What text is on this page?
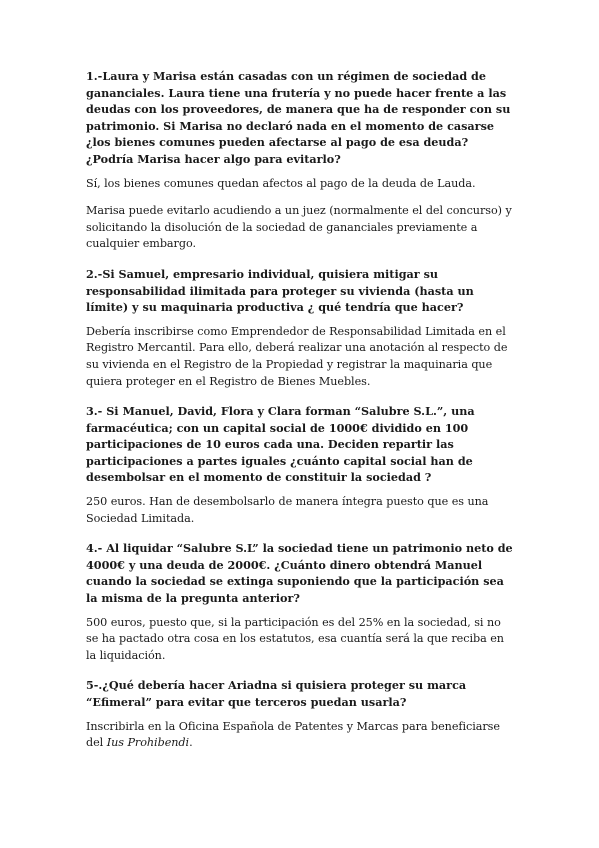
1.-Laura y Marisa están casadas con un régimen de sociedad de gananciales. Laura tiene una frutería y no puede hacer frente a las deudas con los proveedores, de manera que ha de responder con su patrimonio. Si Marisa no declaró nada en el momento de casarse ¿los bienes comunes pueden afectarse al pago de esa deuda? ¿Podría Marisa hacer algo para evitarlo?

Sí, los bienes comunes quedan afectos al pago de la deuda de Lauda.

Marisa puede evitarlo acudiendo a un juez (normalmente el del concurso) y solicitando la disolución de la sociedad de gananciales previamente a cualquier embargo.

2.-Si Samuel, empresario individual, quisiera mitigar su responsabilidad ilimitada para proteger su vivienda (hasta un límite) y su maquinaria productiva ¿ qué tendría que hacer?

Debería inscribirse como Emprendedor de Responsabilidad Limitada en el Registro Mercantil. Para ello, deberá realizar una anotación al respecto de su vivienda en el Registro de la Propiedad y registrar la maquinaria que quiera proteger en el Registro de Bienes Muebles.

3.- Si Manuel, David, Flora y Clara forman “Salubre S.L.”, una farmacéutica; con un capital social de 1000€ dividido en 100 participaciones de 10 euros cada una. Deciden repartir las participaciones a partes iguales ¿cuánto capital social han de desembolsar en el momento de constituir la sociedad ?

250 euros. Han de desembolsarlo de manera íntegra puesto que es una Sociedad Limitada.

4.- Al liquidar “Salubre S.L” la sociedad tiene un patrimonio neto de 4000€ y una deuda de 2000€. ¿Cuánto dinero obtendrá Manuel cuando la sociedad se extinga suponiendo que la participación sea la misma de la pregunta anterior?

500 euros, puesto que, si la participación es del 25% en la sociedad, si no se ha pactado otra cosa en los estatutos, esa cuantía será la que reciba en la liquidación.

5-.¿Qué debería hacer Ariadna si quisiera proteger su marca “Efimeral” para evitar que terceros puedan usarla?

Inscribirla en la Oficina Española de Patentes y Marcas para beneficiarse del Ius Prohibendi.
